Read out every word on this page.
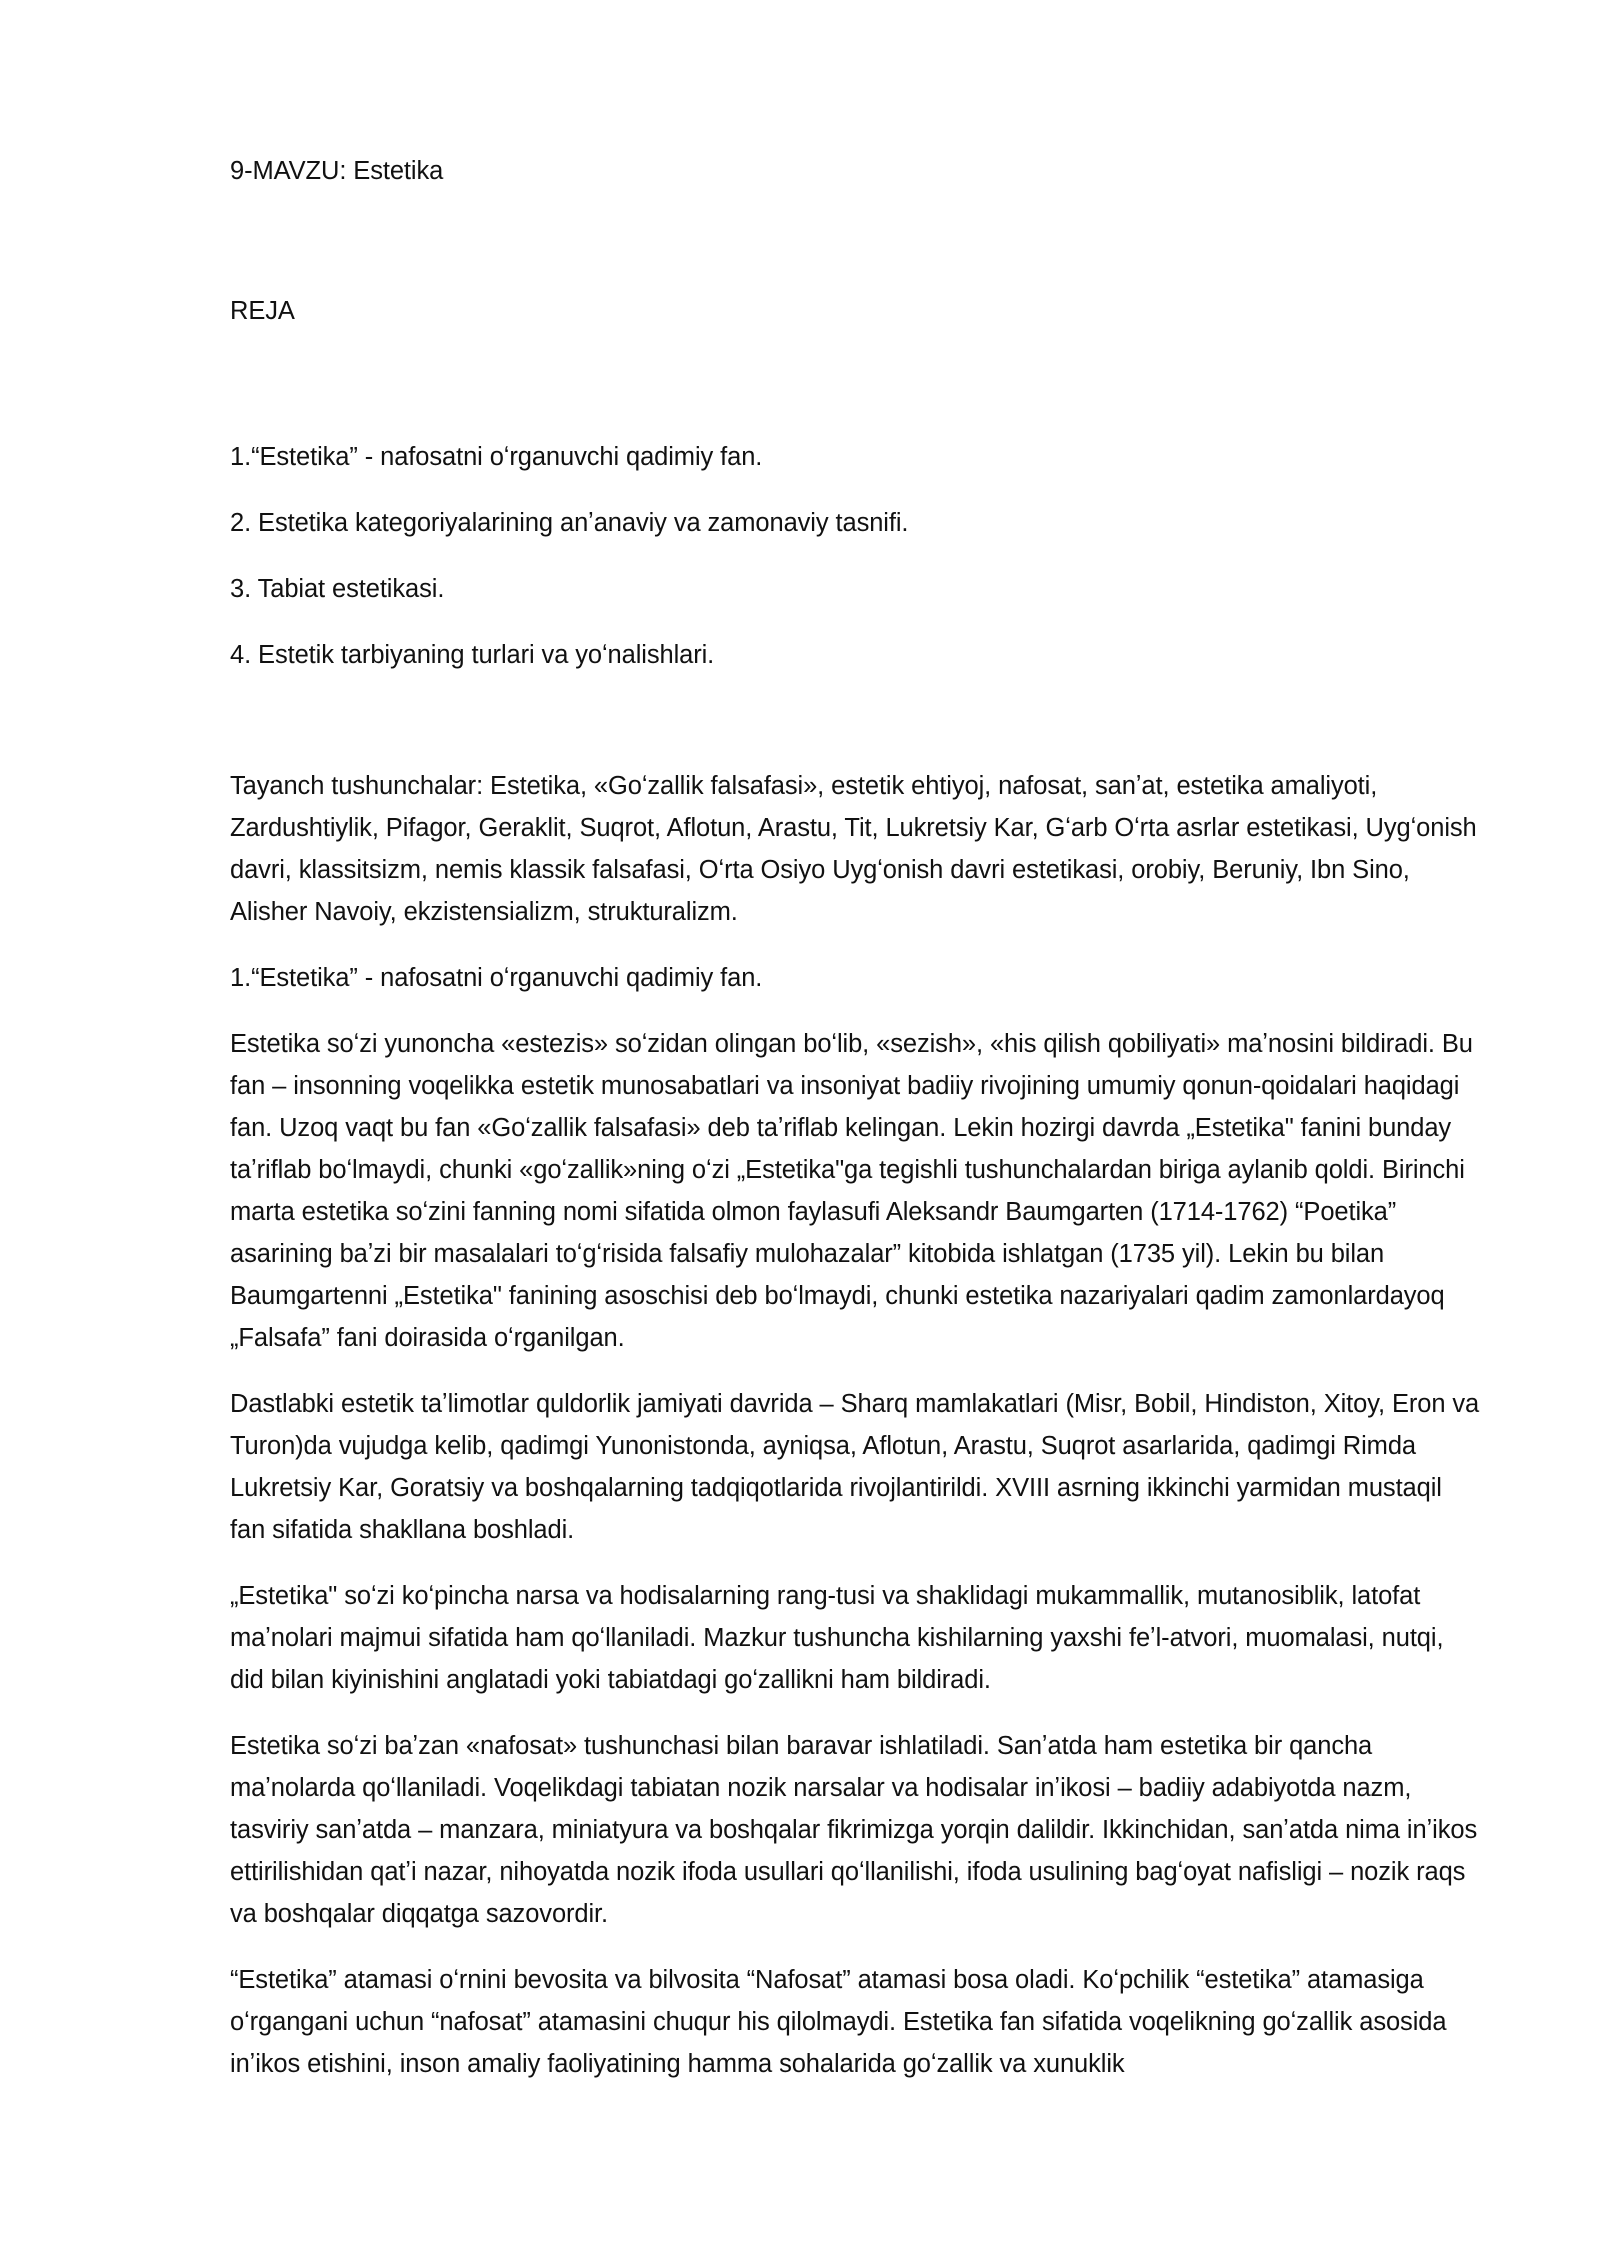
9-MAVZU: Estetika

REJA

1.“Estetika” - nafosatni oʻrganuvchi qadimiy fan.
2. Estetika kategoriyalarining anʼanaviy va zamonaviy tasnifi.
3. Tabiat estetikasi.
4. Estetik tarbiyaning turlari va yoʻnalishlari.

Tayanch tushunchalar: Estetika, «Goʻzallik falsafasi», estetik ehtiyoj, nafosat, sanʼat, estetika amaliyoti, Zardushtiylik, Pifagor, Geraklit, Suqrot, Aflotun, Arastu, Tit, Lukretsiy Kar, Gʻarb Oʻrta asrlar estetikasi, Uygʻonish davri, klassitsizm, nemis klassik falsafasi, Oʻrta Osiyo Uygʻonish davri estetikasi, orobiy, Beruniy, Ibn Sino, Alisher Navoiy, ekzistensializm, strukturalizm.

1.“Estetika” - nafosatni oʻrganuvchi qadimiy fan.

Estetika soʻzi yunoncha «estezis» soʻzidan olingan boʻlib, «sezish», «his qilish qobiliyati» maʼnosini bildiradi. Bu fan – insonning voqelikka estetik munosabatlari va insoniyat badiiy rivojining umumiy qonun-qoidalari haqidagi fan. Uzoq vaqt bu fan «Goʻzallik falsafasi» deb taʼriflab kelingan. Lekin hozirgi davrda „Estetika" fanini bunday taʼriflab boʻlmaydi, chunki «goʻzallik»ning oʻzi „Estetika"ga tegishli tushunchalardan biriga aylanib qoldi. Birinchi marta estetika soʻzini fanning nomi sifatida olmon faylasufi Aleksandr Baumgarten (1714-1762) “Poetika” asarining baʼzi bir masalalari toʻgʻrisida falsafiy mulohazalar” kitobida ishlatgan (1735 yil). Lekin bu bilan Baumgartenni „Estetika" fanining asoschisi deb boʻlmaydi, chunki estetika nazariyalari qadim zamonlardayoq „Falsafa” fani doirasida oʻrganilgan.

Dastlabki estetik taʼlimotlar quldorlik jamiyati davrida – Sharq mamlakatlari (Misr, Bobil, Hindiston, Xitoy, Eron va Turon)da vujudga kelib, qadimgi Yunonistonda, ayniqsa, Aflotun, Arastu, Suqrot asarlarida, qadimgi Rimda Lukretsiy Kar, Goratsiy va boshqalarning tadqiqotlarida rivojlantirildi. XVIII asrning ikkinchi yarmidan mustaqil fan sifatida shakllana boshladi.

„Estetika" soʻzi koʻpincha narsa va hodisalarning rang-tusi va shaklidagi mukammallik, mutanosiblik, latofat maʼnolari majmui sifatida ham qoʻllaniladi. Mazkur tushuncha kishilarning yaxshi feʼl-atvori, muomalasi, nutqi, did bilan kiyinishini anglatadi yoki tabiatdagi goʻzallikni ham bildiradi.

Estetika soʻzi baʼzan «nafosat» tushunchasi bilan baravar ishlatiladi. Sanʼatda ham estetika bir qancha maʼnolarda qoʻllaniladi. Voqelikdagi tabiatan nozik narsalar va hodisalar inʼikosi – badiiy adabiyotda nazm, tasviriy sanʼatda – manzara, miniatyura va boshqalar fikrimizga yorqin dalildir. Ikkinchidan, sanʼatda nima inʼikos ettirilishidan qatʼi nazar, nihoyatda nozik ifoda usullari qoʻllanilishi, ifoda usulining bagʻoyat nafisligi – nozik raqs va boshqalar diqqatga sazovordir.

“Estetika” atamasi oʻrnini bevosita va bilvosita “Nafosat” atamasi bosa oladi. Koʻpchilik “estetika” atamasiga oʻrgangani uchun “nafosat” atamasini chuqur his qilolmaydi. Estetika fan sifatida voqelikning goʻzallik asosida inʼikos etishini, inson amaliy faoliyatining hamma sohalarida goʻzallik va xunuklik
